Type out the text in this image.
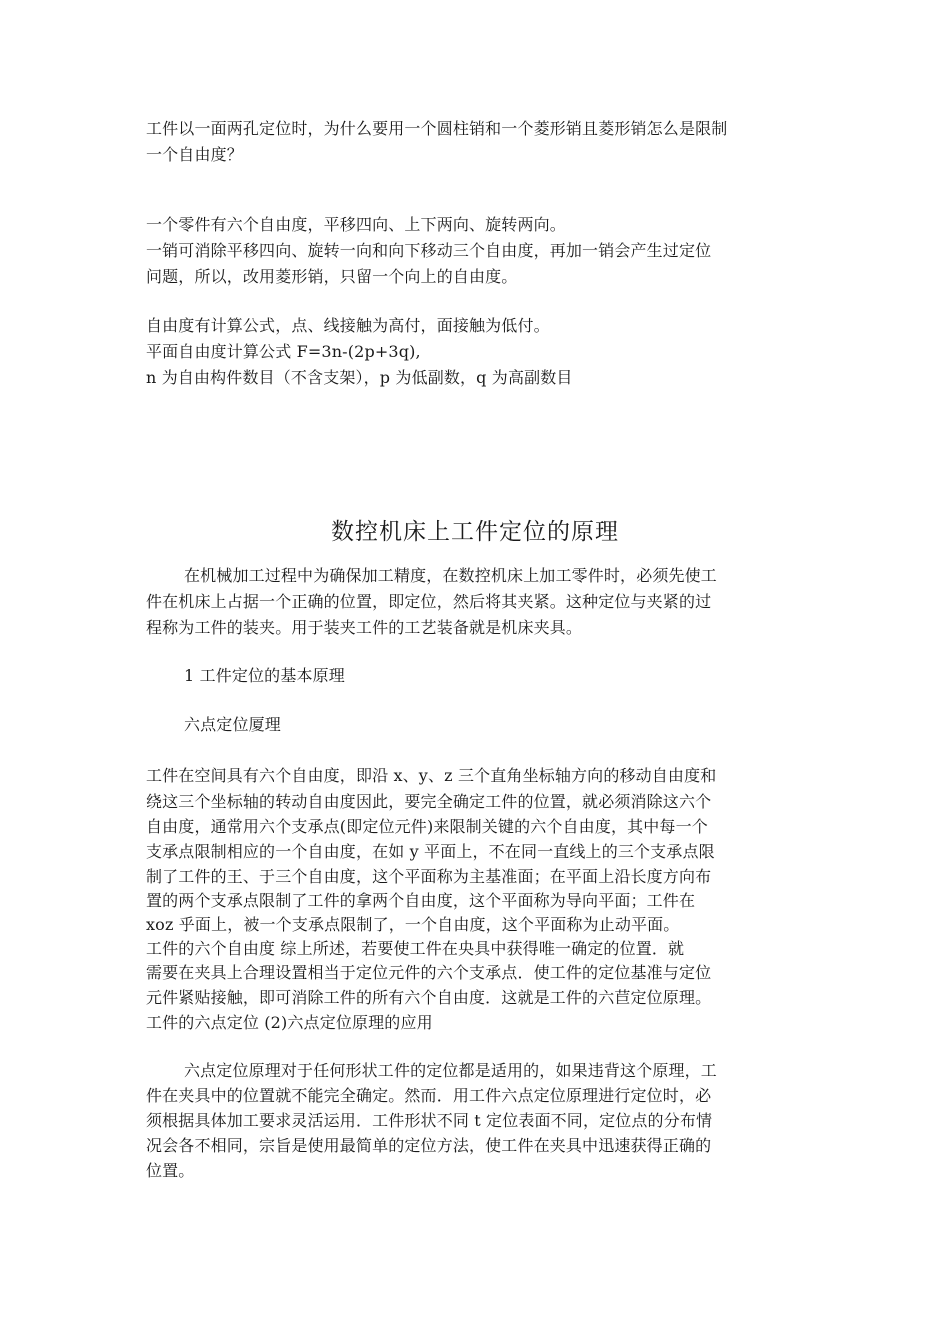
工件以一面两孔定位时，为什么要用一个圆柱销和一个菱形销且菱形销怎么是限制
一个自由度？
一个零件有六个自由度，平移四向、上下两向、旋转两向。
一销可消除平移四向、旋转一向和向下移动三个自由度，再加一销会产生过定位
问题，所以，改用菱形销，只留一个向上的自由度。
自由度有计算公式，点、线接触为高付，面接触为低付。
平面自由度计算公式 F=3n-(2p+3q),
n 为自由构件数目（不含支架），p 为低副数，q 为高副数目
数控机床上工件定位的原理
在机械加工过程中为确保加工精度，在数控机床上加工零件时，必须先使工
件在机床上占据一个正确的位置，即定位，然后将其夹紧。这种定位与夹紧的过
程称为工件的装夹。用于装夹工件的工艺装备就是机床夹具。
1 工件定位的基本原理
六点定位厦理
工件在空间具有六个自由度，即沿 x、y、z 三个直角坐标轴方向的移动自由度和
绕这三个坐标轴的转动自由度因此，要完全确定工件的位置，就必须消除这六个
自由度，通常用六个支承点(即定位元件)来限制关键的六个自由度，其中每一个
支承点限制相应的一个自由度，在如 y 平面上，不在同一直线上的三个支承点限
制了工件的王、于三个自由度，这个平面称为主基准面；在平面上沿长度方向布
置的两个支承点限制了工件的拿两个自由度，这个平面称为导向平面；工件在
xoz 乎面上，被一个支承点限制了，一个自由度，这个平面称为止动平面。
工件的六个自由度 综上所述，若要使工件在央具中获得唯一确定的位置．就
需要在夹具上合理设置相当于定位元件的六个支承点．使工件的定位基准与定位
元件紧贴接触，即可消除工件的所有六个自由度．这就是工件的六苣定位原理。
工件的六点定位 (2)六点定位原理的应用
六点定位原理对于任何形状工件的定位都是适用的，如果违背这个原理，工
件在夹具中的位置就不能完全确定。然而．用工件六点定位原理进行定位时，必
须根据具体加工要求灵活运用．工件形状不同 t 定位表面不同，定位点的分布情
况会各不相同，宗旨是使用最简单的定位方法，使工件在夹具中迅速获得正确的
位置。
